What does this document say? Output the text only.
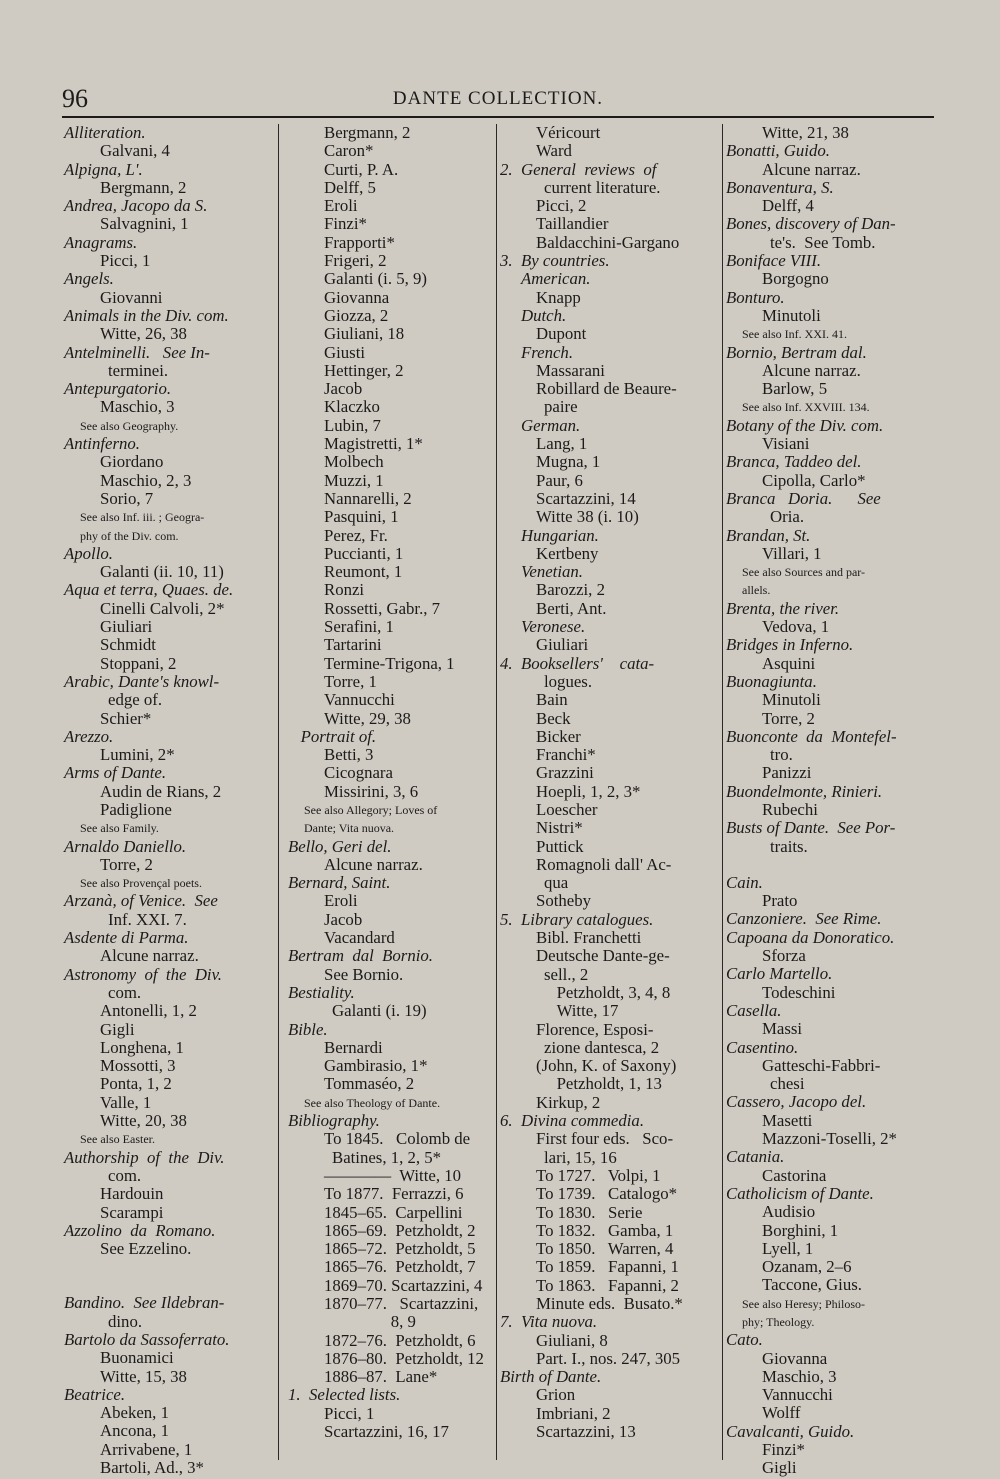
96	DANTE COLLECTION.
Alliteration.
Galvani, 4
Alpigna, L'.
Bergmann, 2
Andrea, Jacopo da S.
Salvagnini, 1
Anagrams.
Picci, 1
Angels.
Giovanni
Animals in the Div. com.
Witte, 26, 38
Antelminelli.   See In-
terminei.
Antepurgatorio.
Maschio, 3
See also Geography.
Antinferno.
Giordano
Maschio, 2, 3
Sorio, 7
See also Inf. iii. ; Geogra-
phy of the Div. com.
Apollo.
Galanti (ii. 10, 11)
Aqua et terra, Quaes. de.
Cinelli Calvoli, 2*
Giuliari
Schmidt
Stoppani, 2
Arabic, Dante's knowl-
edge of.
Schier*
Arezzo.
Lumini, 2*
Arms of Dante.
Audin de Rians, 2
Padiglione
See also Family.
Arnaldo Daniello.
Torre, 2
See also Provençal poets.
Arzanà, of Venice.  See
Inf. XXI. 7.
Asdente di Parma.
Alcune narraz.
Astronomy  of  the  Div.
com.
Antonelli, 1, 2
Gigli
Longhena, 1
Mossotti, 3
Ponta, 1, 2
Valle, 1
Witte, 20, 38
See also Easter.
Authorship  of  the  Div.
com.
Hardouin
Scarampi
Azzolino  da  Romano.
See Ezzelino.
Bandino.  See Ildebran-
dino.
Bartolo da Sassoferrato.
Buonamici
Witte, 15, 38
Beatrice.
Abeken, 1
Ancona, 1
Arrivabene, 1
Bartoli, Ad., 3*
Bergmann, 2
Caron*
Curti, P. A.
Delff, 5
Eroli
Finzi*
Frapporti*
Frigeri, 2
Galanti (i. 5, 9)
Giovanna
Giozza, 2
Giuliani, 18
Giusti
Hettinger, 2
Jacob
Klaczko
Lubin, 7
Magistretti, 1*
Molbech
Muzzi, 1
Nannarelli, 2
Pasquini, 1
Perez, Fr.
Puccianti, 1
Reumont, 1
Ronzi
Rossetti, Gabr., 7
Serafini, 1
Tartarini
Termine-Trigona, 1
Torre, 1
Vannucchi
Witte, 29, 38
Portrait of.
Betti, 3
Cicognara
Missirini, 3, 6
See also Allegory; Loves of
Dante; Vita nuova.
Bello, Geri del.
Alcune narraz.
Bernard, Saint.
Eroli
Jacob
Vacandard
Bertram  dal  Bornio.
See Bornio.
Bestiality.
Galanti (i. 19)
Bible.
Bernardi
Gambirasio, 1*
Tommaséo, 2
See also Theology of Dante.
Bibliography.
To 1845.   Colomb de
Batines, 1, 2, 5*
————  Witte, 10
To 1877.  Ferrazzi, 6
1845–65.  Carpellini
1865–69.  Petzholdt, 2
1865–72.  Petzholdt, 5
1865–76.  Petzholdt, 7
1869–70. Scartazzini, 4
1870–77.   Scartazzini,
8, 9
1872–76.  Petzholdt, 6
1876–80.  Petzholdt, 12
1886–87.  Lane*
1.  Selected lists.
Picci, 1
Scartazzini, 16, 17
Véricourt
Ward
2.  General  reviews  of
current literature.
Picci, 2
Taillandier
Baldacchini-Gargano
3.  By countries.
American.
Knapp
Dutch.
Dupont
French.
Massarani
Robillard de Beaure-
paire
German.
Lang, 1
Mugna, 1
Paur, 6
Scartazzini, 14
Witte 38 (i. 10)
Hungarian.
Kertbeny
Venetian.
Barozzi, 2
Berti, Ant.
Veronese.
Giuliari
4.  Booksellers'    cata-
logues.
Bain
Beck
Bicker
Franchi*
Grazzini
Hoepli, 1, 2, 3*
Loescher
Nistri*
Puttick
Romagnoli dall' Ac-
qua
Sotheby
5.  Library catalogues.
Bibl. Franchetti
Deutsche Dante-ge-
sell., 2
Petzholdt, 3, 4, 8
Witte, 17
Florence, Esposi-
zione dantesca, 2
(John, K. of Saxony)
Petzholdt, 1, 13
Kirkup, 2
6.  Divina commedia.
First four eds.   Sco-
lari, 15, 16
To 1727.   Volpi, 1
To 1739.   Catalogo*
To 1830.   Serie
To 1832.   Gamba, 1
To 1850.   Warren, 4
To 1859.   Fapanni, 1
To 1863.   Fapanni, 2
Minute eds.  Busato.*
7.  Vita nuova.
Giuliani, 8
Part. I., nos. 247, 305
Birth of Dante.
Grion
Imbriani, 2
Scartazzini, 13
Witte, 21, 38
Bonatti, Guido.
Alcune narraz.
Bonaventura, S.
Delff, 4
Bones, discovery of Dan-
te's.  See Tomb.
Boniface VIII.
Borgogno
Bonturo.
Minutoli
See also Inf. XXI. 41.
Bornio, Bertram dal.
Alcune narraz.
Barlow, 5
See also Inf. XXVIII. 134.
Botany of the Div. com.
Visiani
Branca, Taddeo del.
Cipolla, Carlo*
Branca   Doria.      See
Oria.
Brandan, St.
Villari, 1
See also Sources and par-
allels.
Brenta, the river.
Vedova, 1
Bridges in Inferno.
Asquini
Buonagiunta.
Minutoli
Torre, 2
Buonconte  da  Montefel-
tro.
Panizzi
Buondelmonte, Rinieri.
Rubechi
Busts of Dante.  See Por-
traits.
Cain.
Prato
Canzoniere.  See Rime.
Capoana da Donoratico.
Sforza
Carlo Martello.
Todeschini
Casella.
Massi
Casentino.
Gatteschi-Fabbri-
chesi
Cassero, Jacopo del.
Masetti
Mazzoni-Toselli, 2*
Catania.
Castorina
Catholicism of Dante.
Audisio
Borghini, 1
Lyell, 1
Ozanam, 2–6
Taccone, Gius.
See also Heresy; Philoso-
phy; Theology.
Cato.
Giovanna
Maschio, 3
Vannucchi
Wolff
Cavalcanti, Guido.
Finzi*
Gigli
